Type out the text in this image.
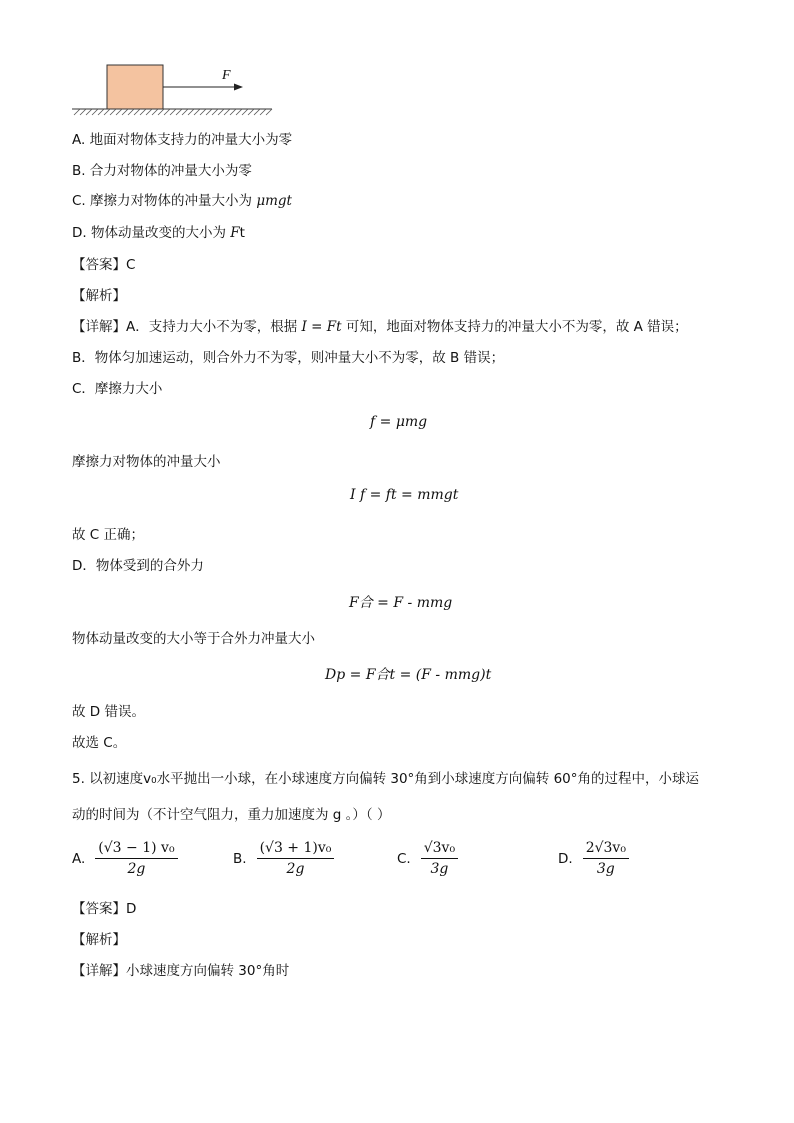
F
A. 地面对物体支持力的冲量大小为零
B. 合力对物体的冲量大小为零
C. 摩擦力对物体的冲量大小为 μmgt
D. 物体动量改变的大小为 Ft
【答案】C
【解析】
【详解】A．支持力大小不为零，根据 I = Ft 可知，地面对物体支持力的冲量大小不为零，故 A 错误；
B．物体匀加速运动，则合外力不为零，则冲量大小不为零，故 B 错误；
C．摩擦力大小
f = μmg
摩擦力对物体的冲量大小
I f = ft = mmgt
故 C 正确；
D．物体受到的合外力
F合 = F - mmg
物体动量改变的大小等于合外力冲量大小
Dp = F合t = (F - mmg)t
故 D 错误。
故选 C。
5. 以初速度v₀水平抛出一小球，在小球速度方向偏转 30°角到小球速度方向偏转 60°角的过程中，小球运
动的时间为（不计空气阻力，重力加速度为 g 。）（ ）
A. $\frac{\text{(√3 − 1) v₀}}{2g}$	B. $\frac{\text{(√3 + 1)v₀}}{2g}$	C. $\frac{\text{√3v₀}}{3g}$	D. $\frac{\text{2√3v₀}}{3g}$
【答案】D
【解析】
【详解】小球速度方向偏转 30°角时
